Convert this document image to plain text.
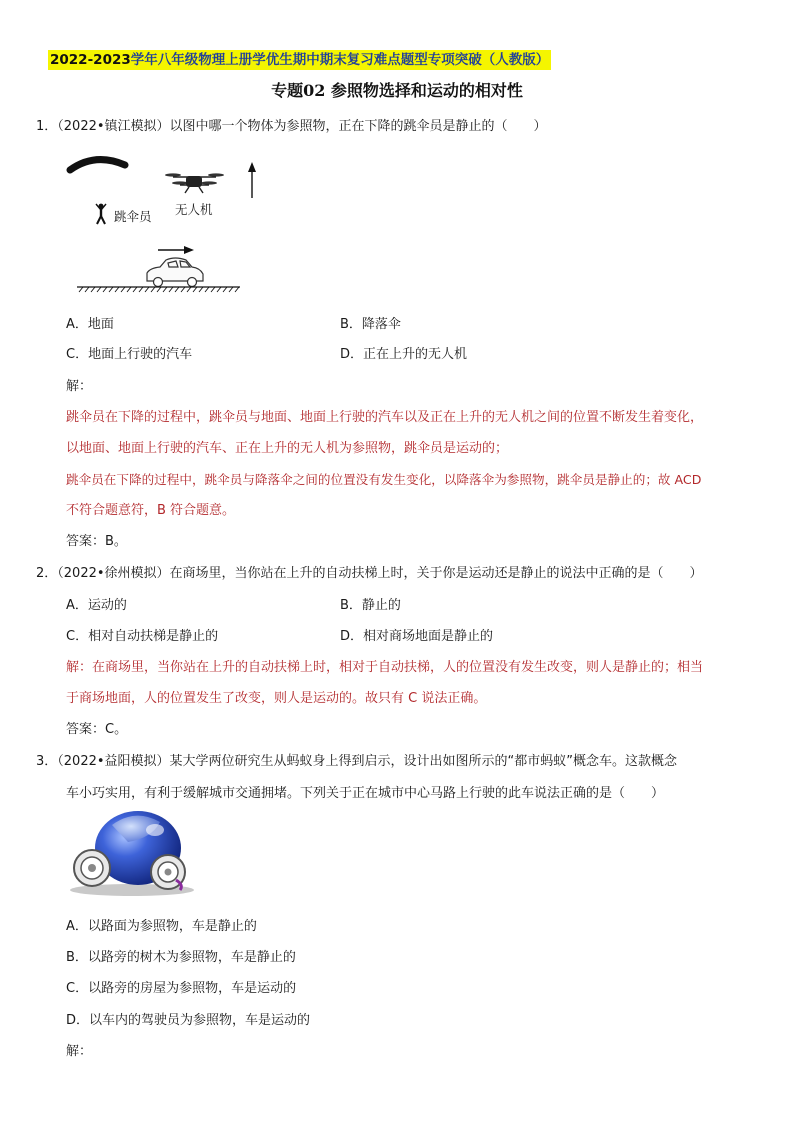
2022-2023学年八年级物理上册学优生期中期末复习难点题型专项突破（人教版）
专题02 参照物选择和运动的相对性
1．（2022•镇江模拟）以图中哪一个物体为参照物，正在下降的跳伞员是静止的（　　）
跳伞员 无人机
A．地面	B．降落伞
C．地面上行驶的汽车	D．正在上升的无人机
解：
跳伞员在下降的过程中，跳伞员与地面、地面上行驶的汽车以及正在上升的无人机之间的位置不断发生着变化，
以地面、地面上行驶的汽车、正在上升的无人机为参照物，跳伞员是运动的；
跳伞员在下降的过程中，跳伞员与降落伞之间的位置没有发生变化，以降落伞为参照物，跳伞员是静止的；故 ACD
不符合题意符，B 符合题意。
答案：B。
2．（2022•徐州模拟）在商场里，当你站在上升的自动扶梯上时，关于你是运动还是静止的说法中正确的是（　　）
A．运动的	B．静止的
C．相对自动扶梯是静止的	D．相对商场地面是静止的
解：在商场里，当你站在上升的自动扶梯上时，相对于自动扶梯，人的位置没有发生改变，则人是静止的；相当
于商场地面，人的位置发生了改变，则人是运动的。故只有 C 说法正确。
答案：C。
3．（2022•益阳模拟）某大学两位研究生从蚂蚁身上得到启示，设计出如图所示的“都市蚂蚁”概念车。这款概念
车小巧实用，有利于缓解城市交通拥堵。下列关于正在城市中心马路上行驶的此车说法正确的是（　　）
A．以路面为参照物，车是静止的
B．以路旁的树木为参照物，车是静止的
C．以路旁的房屋为参照物，车是运动的
D．以车内的驾驶员为参照物，车是运动的
解：
